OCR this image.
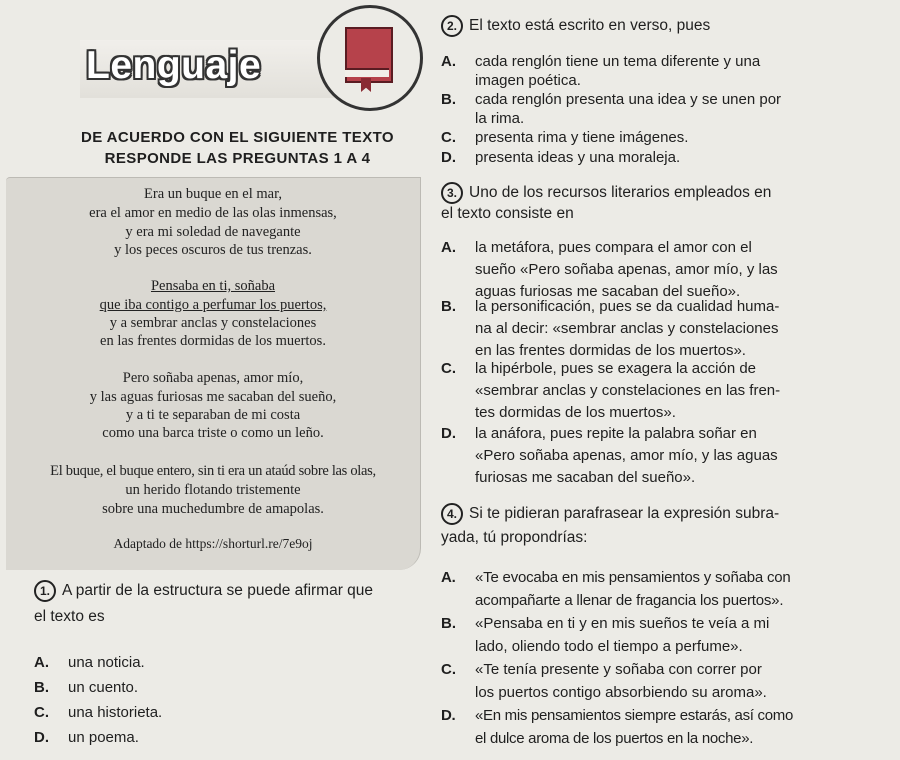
Lenguaje
DE ACUERDO CON EL SIGUIENTE TEXTO
RESPONDE LAS PREGUNTAS 1 A 4
Era un buque en el mar,
era el amor en medio de las olas inmensas,
y era mi soledad de navegante
y los peces oscuros de tus trenzas.
Pensaba en ti, soñaba
que iba contigo a perfumar los puertos,
y a sembrar anclas y constelaciones
en las frentes dormidas de los muertos.
Pero soñaba apenas, amor mío,
y las aguas furiosas me sacaban del sueño,
y a ti te separaban de mi costa
como una barca triste o como un leño.
El buque, el buque entero, sin ti era un ataúd sobre las olas,
un herido flotando tristemente
sobre una muchedumbre de amapolas.
Adaptado de https://shorturl.re/7e9oj
1. A partir de la estructura se puede afirmar que
el texto es
A. una noticia.
B. un cuento.
C. una historieta.
D. un poema.
2. El texto está escrito en verso, pues
A. cada renglón tiene un tema diferente y una
imagen poética.
B. cada renglón presenta una idea y se unen por
la rima.
C. presenta rima y tiene imágenes.
D. presenta ideas y una moraleja.
3. Uno de los recursos literarios empleados en
el texto consiste en
A. la metáfora, pues compara el amor con el
sueño «Pero soñaba apenas, amor mío, y las
aguas furiosas me sacaban del sueño».
B. la personificación, pues se da cualidad huma-
na al decir: «sembrar anclas y constelaciones
en las frentes dormidas de los muertos».
C. la hipérbole, pues se exagera la acción de
«sembrar anclas y constelaciones en las fren-
tes dormidas de los muertos».
D. la anáfora, pues repite la palabra soñar en
«Pero soñaba apenas, amor mío, y las aguas
furiosas me sacaban del sueño».
4. Si te pidieran parafrasear la expresión subra-
yada, tú propondrías:
A. «Te evocaba en mis pensamientos y soñaba con
acompañarte a llenar de fragancia los puertos».
B. «Pensaba en ti y en mis sueños te veía a mi
lado, oliendo todo el tiempo a perfume».
C. «Te tenía presente y soñaba con correr por
los puertos contigo absorbiendo su aroma».
D. «En mis pensamientos siempre estarás, así como
el dulce aroma de los puertos en la noche».
